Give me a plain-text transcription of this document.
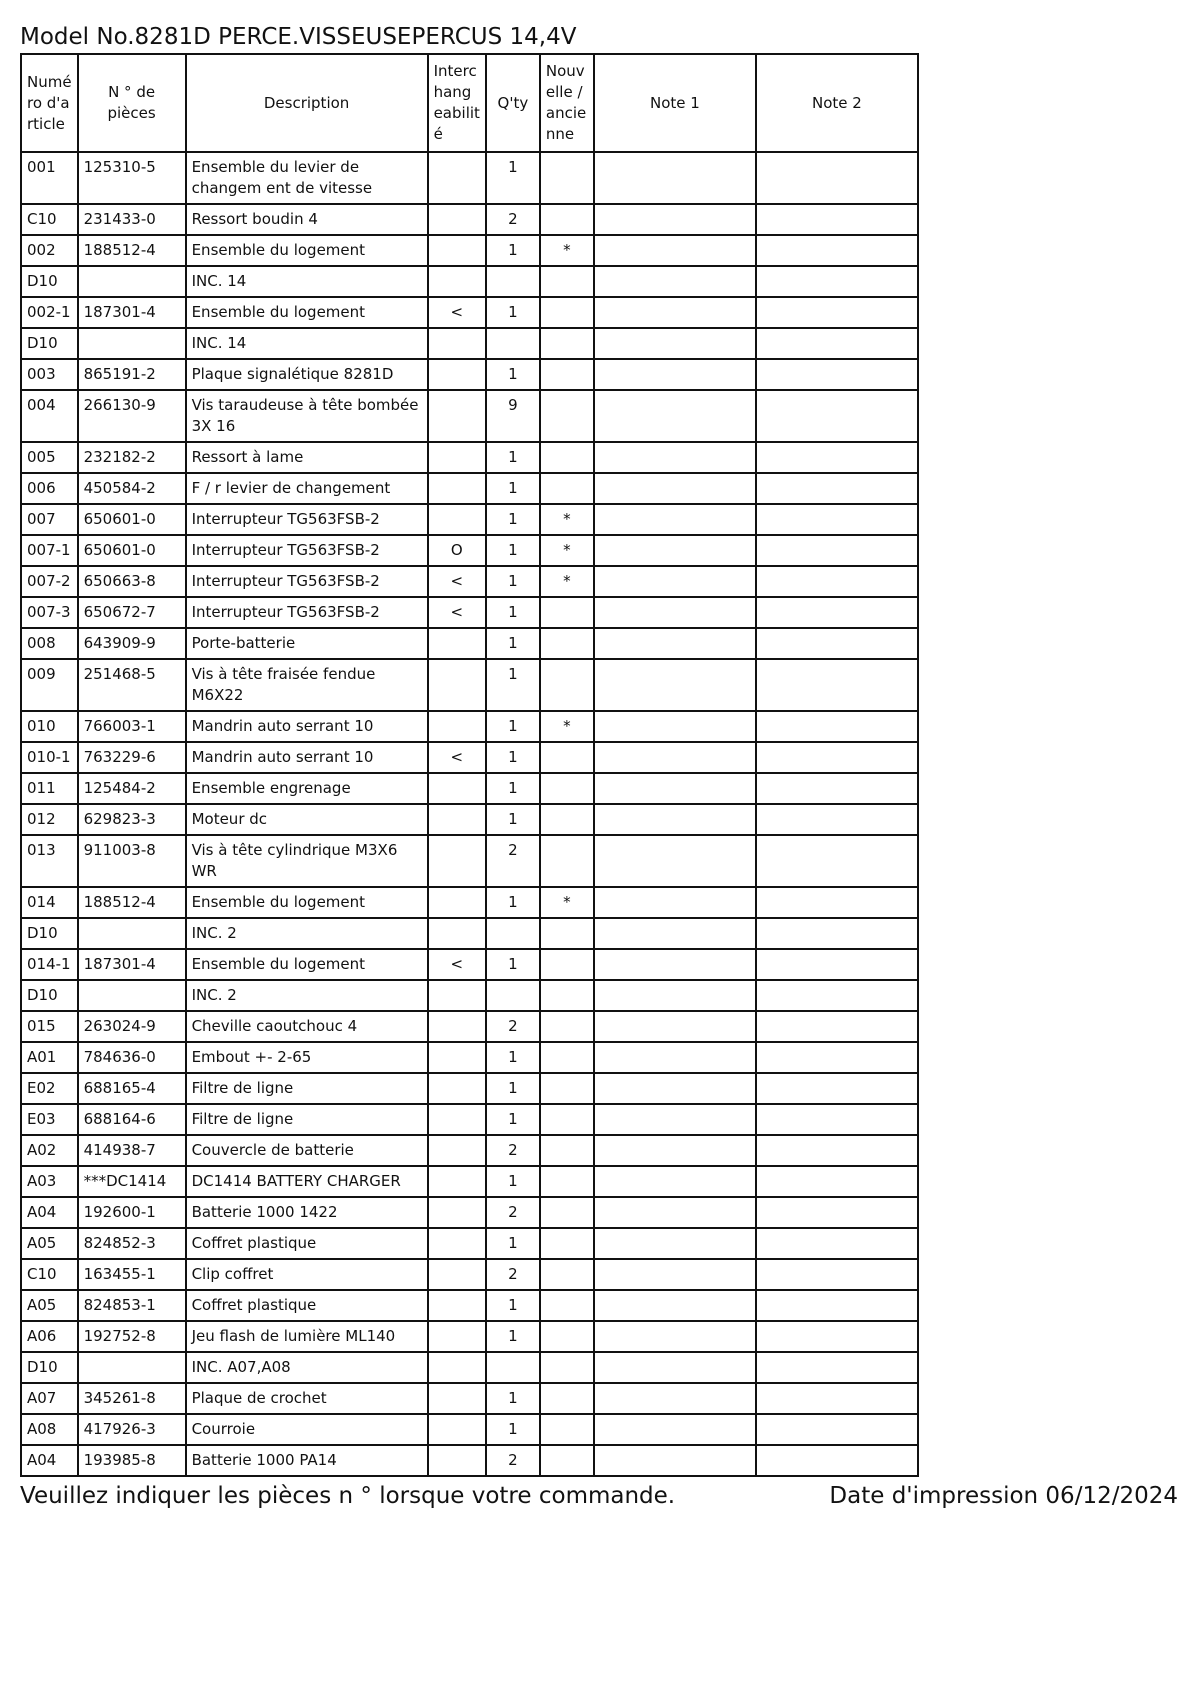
Model No.8281D PERCE.VISSEUSEPERCUS 14,4V
Numé ro d'a rticle	N ° de pièces	Description	Interc hang eabilit é	Q'ty	Nouv elle / ancie nne	Note 1	Note 2
001	125310-5	Ensemble du levier de changem ent de vitesse		1			
C10	231433-0	Ressort boudin 4		2			
002	188512-4	Ensemble du logement		1	*		
D10		INC. 14					
002-1	187301-4	Ensemble du logement	<	1			
D10		INC. 14					
003	865191-2	Plaque signalétique 8281D		1			
004	266130-9	Vis taraudeuse à tête bombée 3X 16		9			
005	232182-2	Ressort à lame		1			
006	450584-2	F / r levier de changement		1			
007	650601-0	Interrupteur TG563FSB-2		1	*		
007-1	650601-0	Interrupteur TG563FSB-2	O	1	*		
007-2	650663-8	Interrupteur TG563FSB-2	<	1	*		
007-3	650672-7	Interrupteur TG563FSB-2	<	1			
008	643909-9	Porte-batterie		1			
009	251468-5	Vis à tête fraisée fendue M6X22		1			
010	766003-1	Mandrin auto serrant 10		1	*		
010-1	763229-6	Mandrin auto serrant 10	<	1			
011	125484-2	Ensemble engrenage		1			
012	629823-3	Moteur dc		1			
013	911003-8	Vis à tête cylindrique M3X6 WR		2			
014	188512-4	Ensemble du logement		1	*		
D10		INC. 2					
014-1	187301-4	Ensemble du logement	<	1			
D10		INC. 2					
015	263024-9	Cheville caoutchouc 4		2			
A01	784636-0	Embout +- 2-65		1			
E02	688165-4	Filtre de ligne		1			
E03	688164-6	Filtre de ligne		1			
A02	414938-7	Couvercle de batterie		2			
A03	***DC1414	DC1414 BATTERY CHARGER		1			
A04	192600-1	Batterie 1000 1422		2			
A05	824852-3	Coffret plastique		1			
C10	163455-1	Clip coffret		2			
A05	824853-1	Coffret plastique		1			
A06	192752-8	Jeu flash de lumière ML140		1			
D10		INC. A07,A08					
A07	345261-8	Plaque de crochet		1			
A08	417926-3	Courroie		1			
A04	193985-8	Batterie 1000 PA14		2			
Veuillez indiquer les pièces n ° lorsque votre commande.	Date d'impression 06/12/2024
